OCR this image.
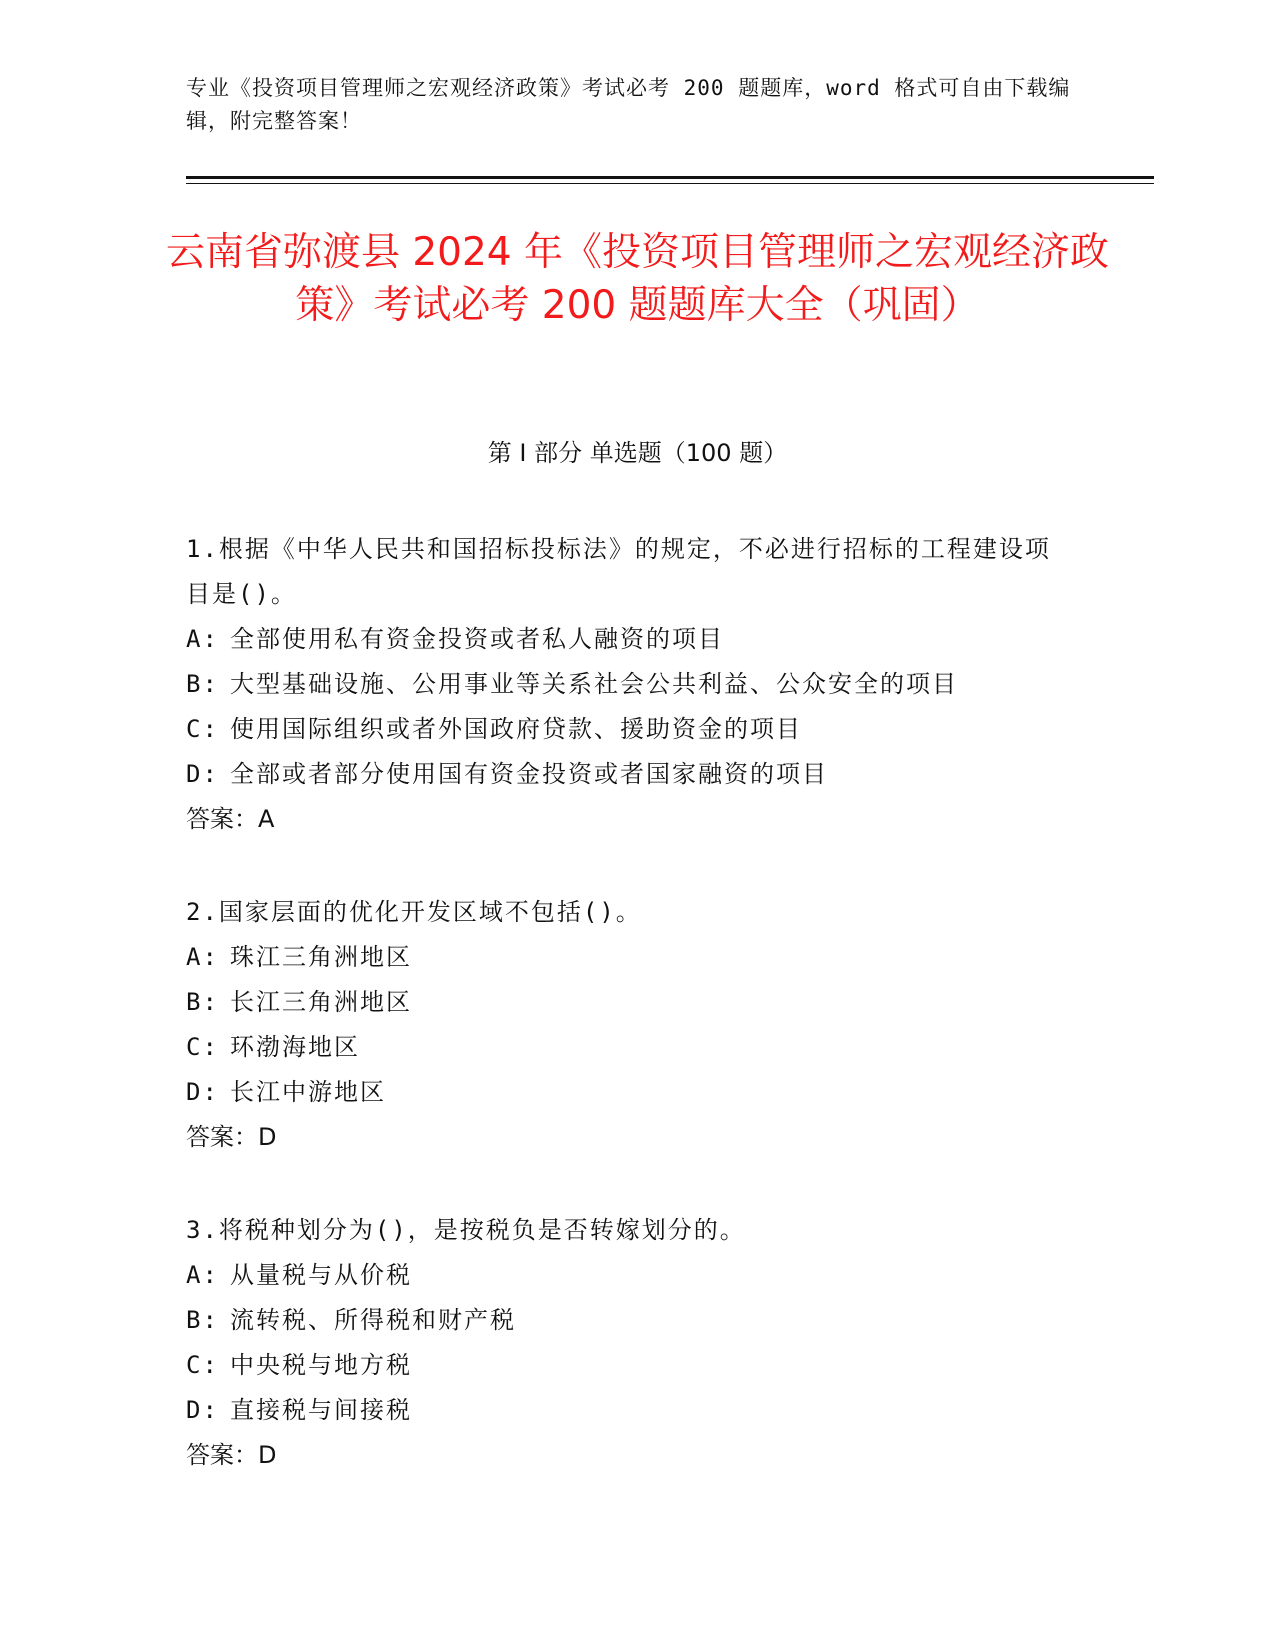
专业《投资项目管理师之宏观经济政策》考试必考 200 题题库，word 格式可自由下载编辑，附完整答案！
云南省弥渡县 2024 年《投资项目管理师之宏观经济政策》考试必考 200 题题库大全（巩固）
第 I 部分 单选题（100 题）
1.根据《中华人民共和国招标投标法》的规定，不必进行招标的工程建设项目是()。
A: 全部使用私有资金投资或者私人融资的项目
B: 大型基础设施、公用事业等关系社会公共利益、公众安全的项目
C: 使用国际组织或者外国政府贷款、援助资金的项目
D: 全部或者部分使用国有资金投资或者国家融资的项目
答案：A
2.国家层面的优化开发区域不包括()。
A: 珠江三角洲地区
B: 长江三角洲地区
C: 环渤海地区
D: 长江中游地区
答案：D
3.将税种划分为()，是按税负是否转嫁划分的。
A: 从量税与从价税
B: 流转税、所得税和财产税
C: 中央税与地方税
D: 直接税与间接税
答案：D
